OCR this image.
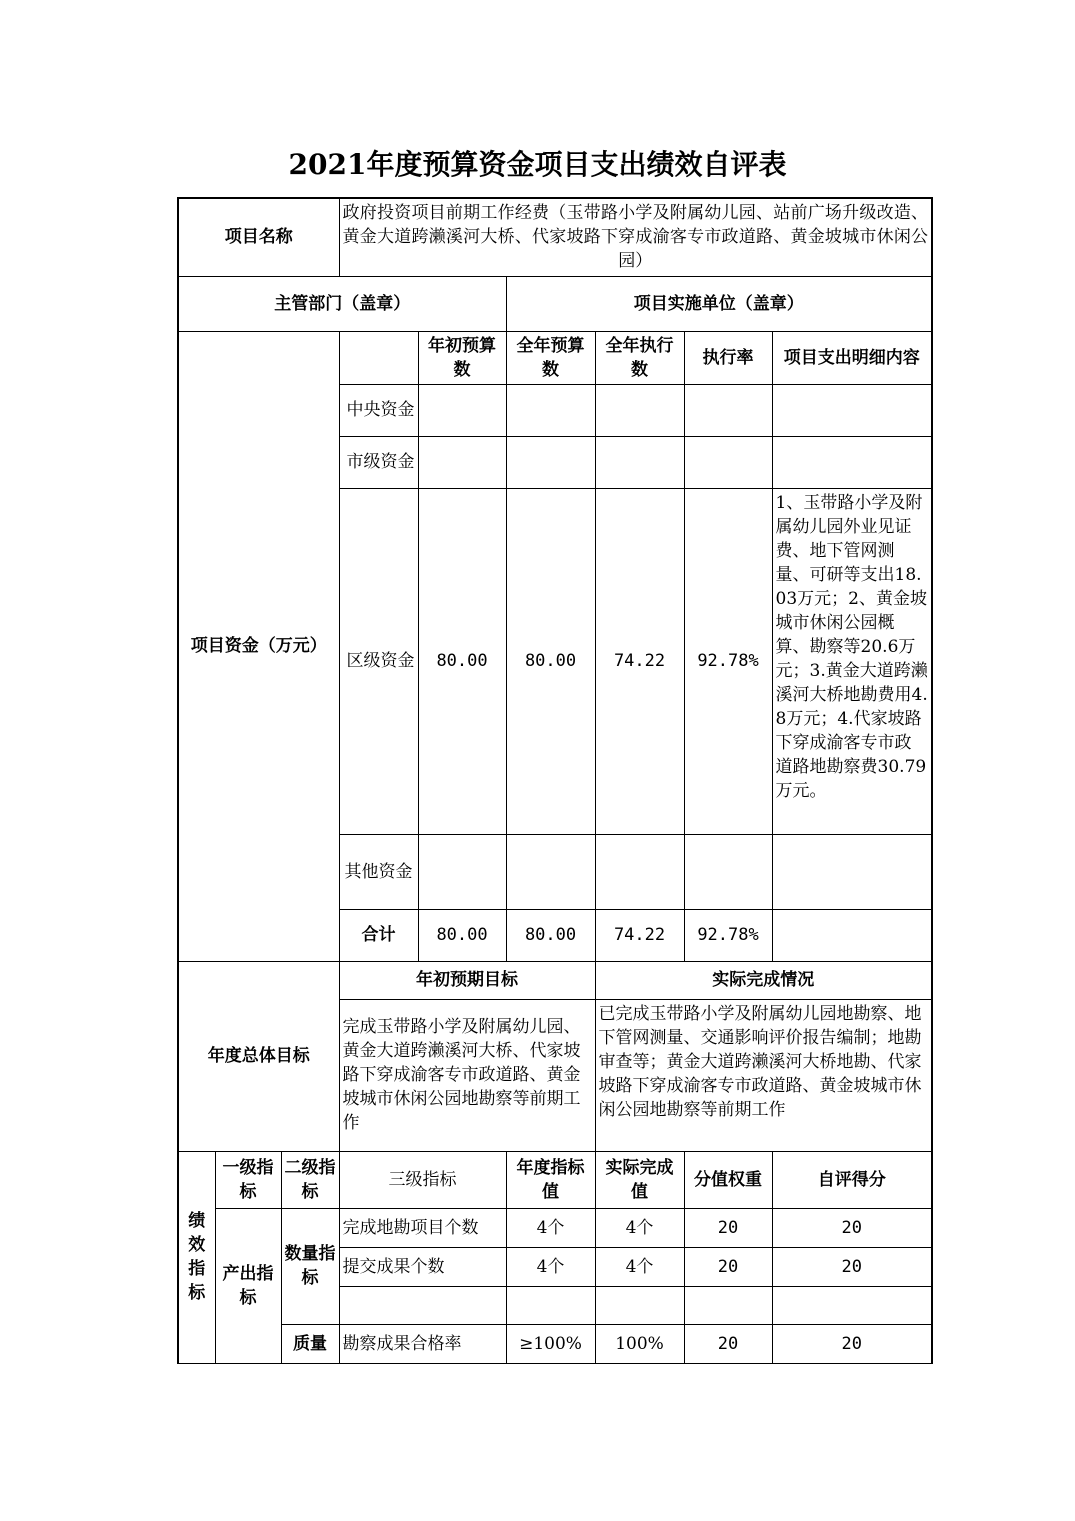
2021年度预算资金项目支出绩效自评表
项目名称			政府投资项目前期工作经费（玉带路小学及附属幼儿园、站前广场升级改造、黄金大道跨濑溪河大桥、代家坡路下穿成渝客专市政道路、黄金坡城市休闲公园）					
主管部门（盖章）					项目实施单位（盖章）			
项目资金（万元）				年初预算数	全年预算数	全年执行数	执行率	项目支出明细内容
			中央资金					
			市级资金					
			区级资金	80.00	80.00	74.22	92.78%	1、玉带路小学及附属幼儿园外业见证费、地下管网测量、可研等支出18.03万元；2、黄金坡城市休闲公园概算、勘察等20.6万元；3.黄金大道跨濑溪河大桥地勘费用4.8万元；4.代家坡路下穿成渝客专市政道路地勘察费30.79万元。
			其他资金					
			合计	80.00	80.00	74.22	92.78%	
年度总体目标			年初预期目标			实际完成情况		
			完成玉带路小学及附属幼儿园、黄金大道跨濑溪河大桥、代家坡路下穿成渝客专市政道路、黄金坡城市休闲公园地勘察等前期工作			已完成玉带路小学及附属幼儿园地勘察、地下管网测量、交通影响评价报告编制；地勘审查等；黄金大道跨濑溪河大桥地勘、代家坡路下穿成渝客专市政道路、黄金坡城市休闲公园地勘察等前期工作		
绩效指标	一级指标	二级指标	三级指标		年度指标值	实际完成值	分值权重	自评得分
	产出指标	数量指标	完成地勘项目个数		4个	4个	20	20
			提交成果个数		4个	4个	20	20

		质量	勘察成果合格率		≥100%	100%	20	20
